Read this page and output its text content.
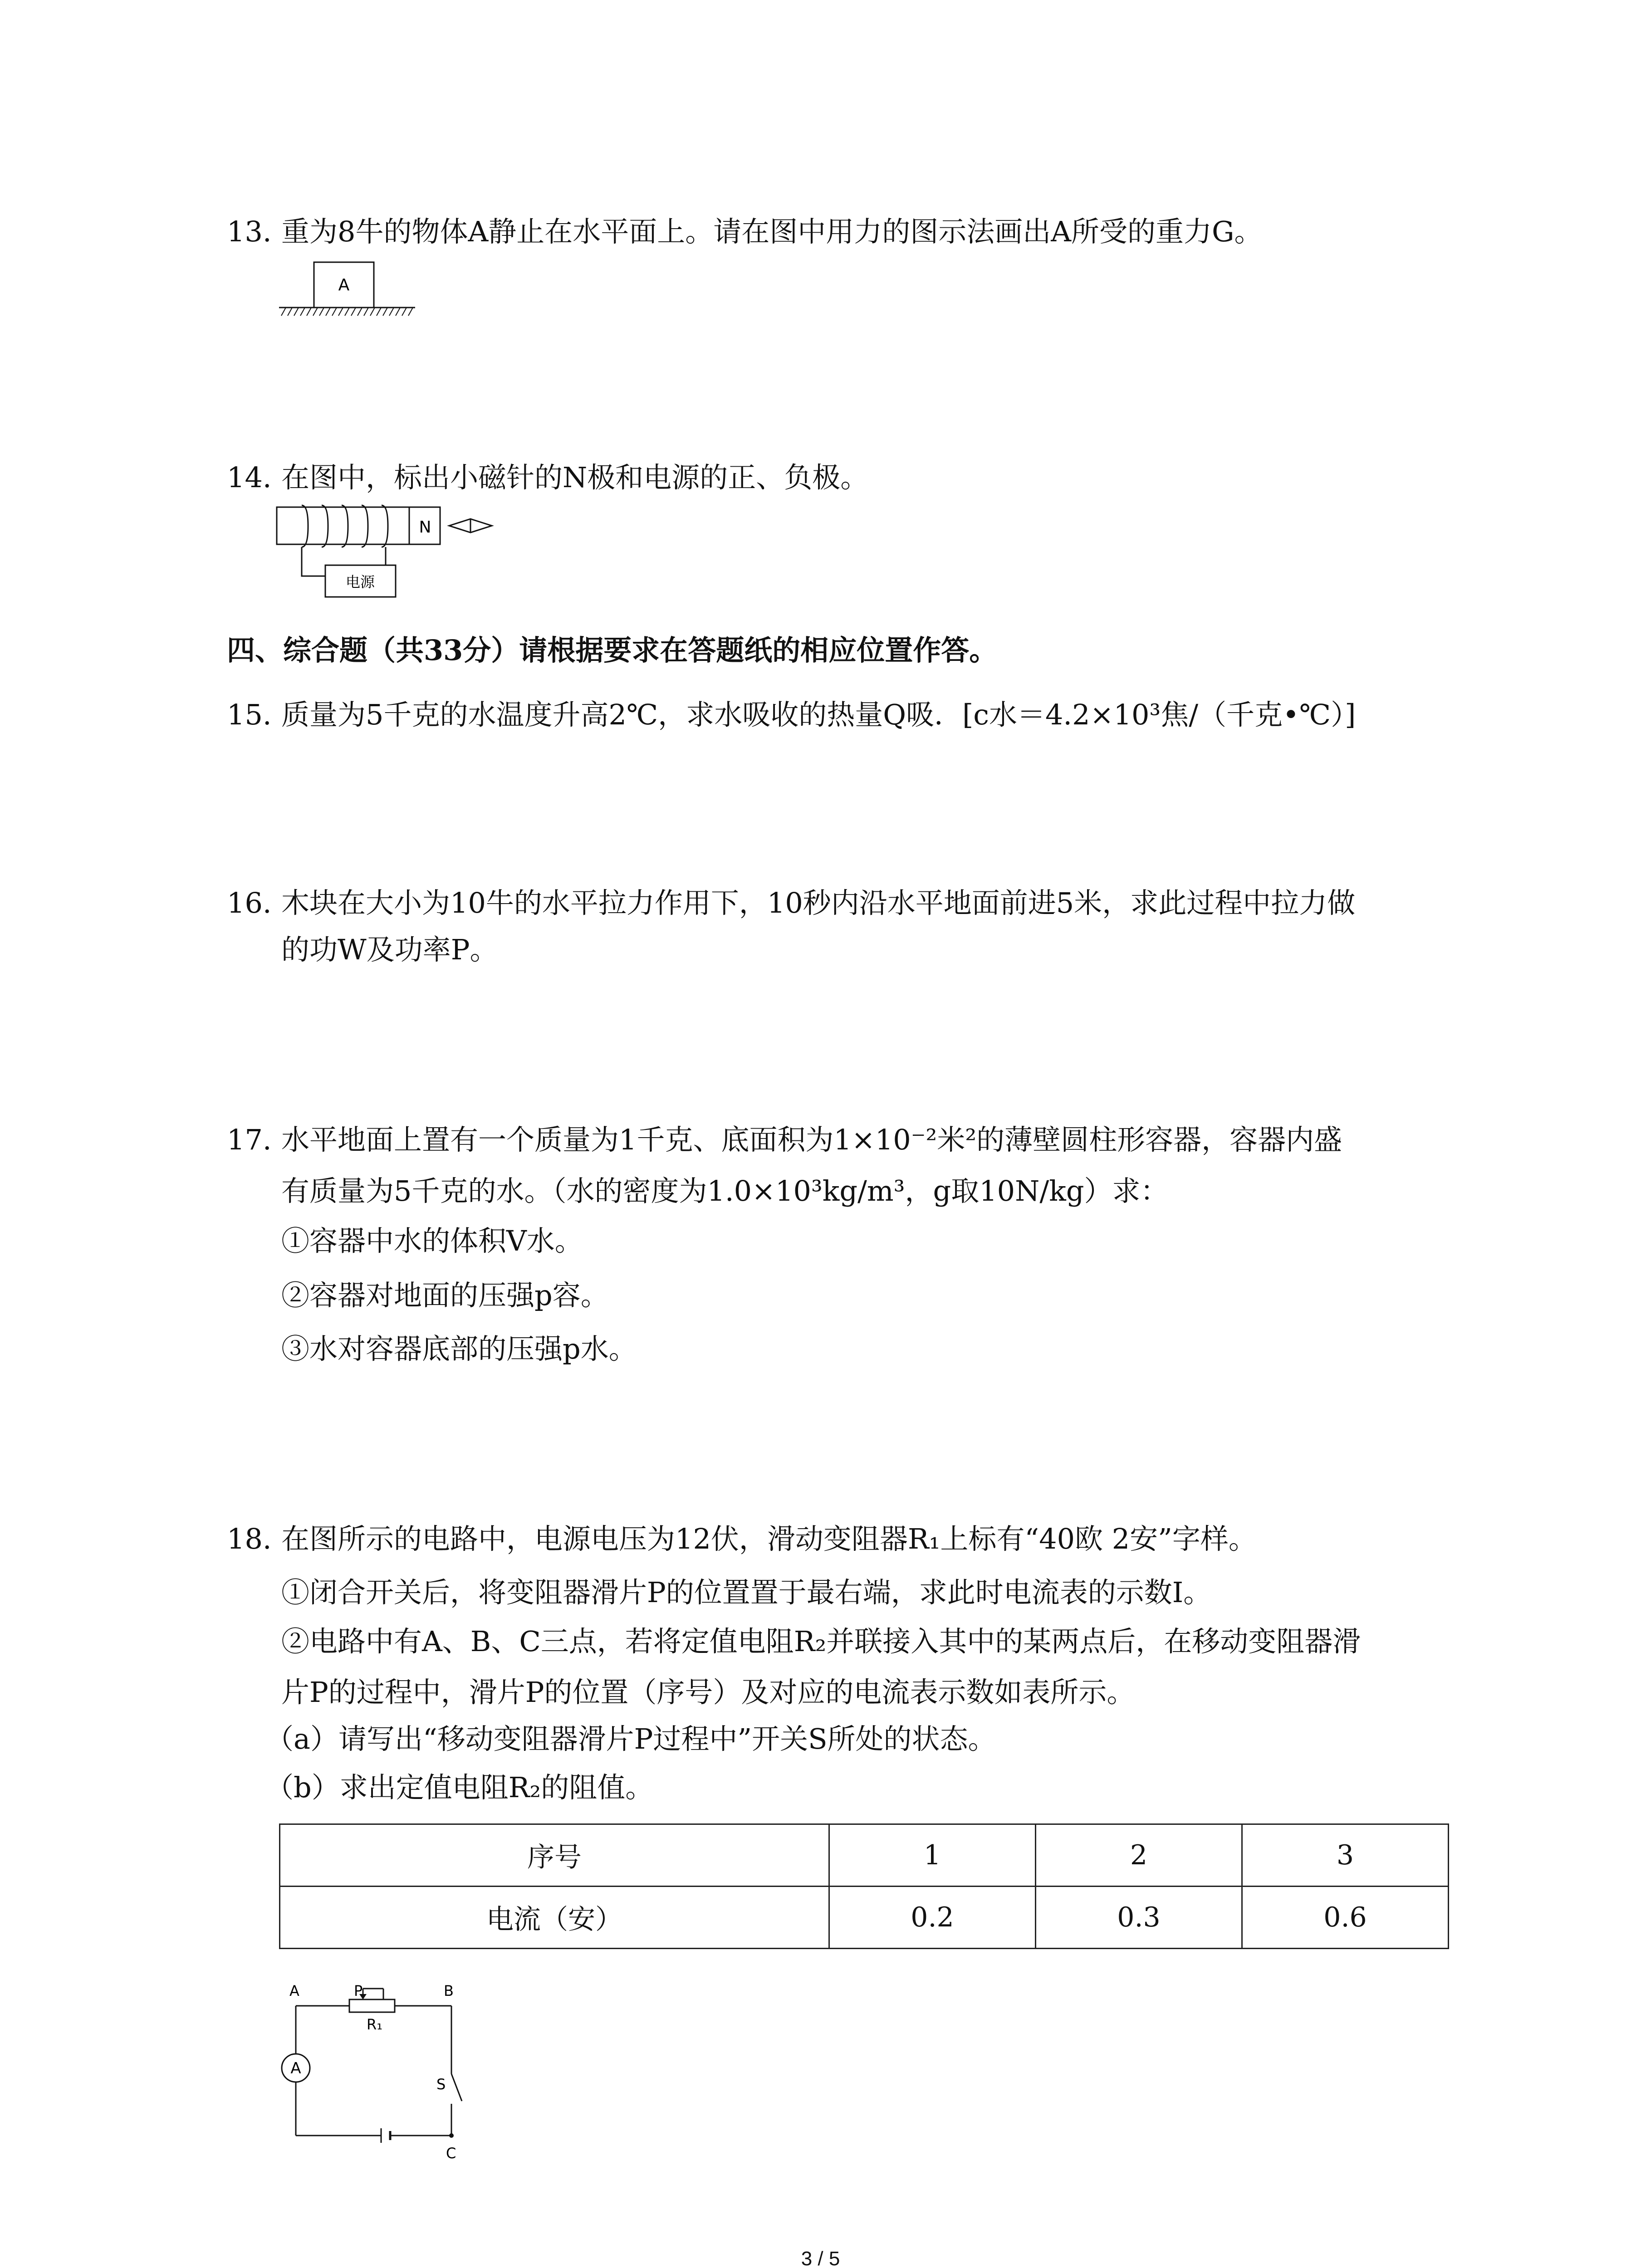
13. 重为8牛的物体A静止在水平面上。请在图中用力的图示法画出A所受的重力G。
A
14. 在图中，标出小磁针的N极和电源的正、负极。
N
电源
四、综合题（共33分）请根据要求在答题纸的相应位置作答。
15. 质量为5千克的水温度升高2℃，求水吸收的热量Q吸．[c水＝4.2×10³焦/（千克•℃）]
16. 木块在大小为10牛的水平拉力作用下，10秒内沿水平地面前进5米，求此过程中拉力做
的功W及功率P。
17. 水平地面上置有一个质量为1千克、底面积为1×10⁻²米²的薄壁圆柱形容器，容器内盛
有质量为5千克的水。（水的密度为1.0×10³kg/m³，g取10N/kg）求：
①容器中水的体积V水。
②容器对地面的压强p容。
③水对容器底部的压强p水。
18. 在图所示的电路中，电源电压为12伏，滑动变阻器R₁上标有“40欧 2安”字样。
①闭合开关后，将变阻器滑片P的位置置于最右端，求此时电流表的示数I。
②电路中有A、B、C三点，若将定值电阻R₂并联接入其中的某两点后，在移动变阻器滑
片P的过程中，滑片P的位置（序号）及对应的电流表示数如表所示。
（a）请写出“移动变阻器滑片P过程中”开关S所处的状态。
（b）求出定值电阻R₂的阻值。
序号	1	2	3
电流（安）	0.2	0.3	0.6
A
A	P	B
R₁
S
C
3 / 5
